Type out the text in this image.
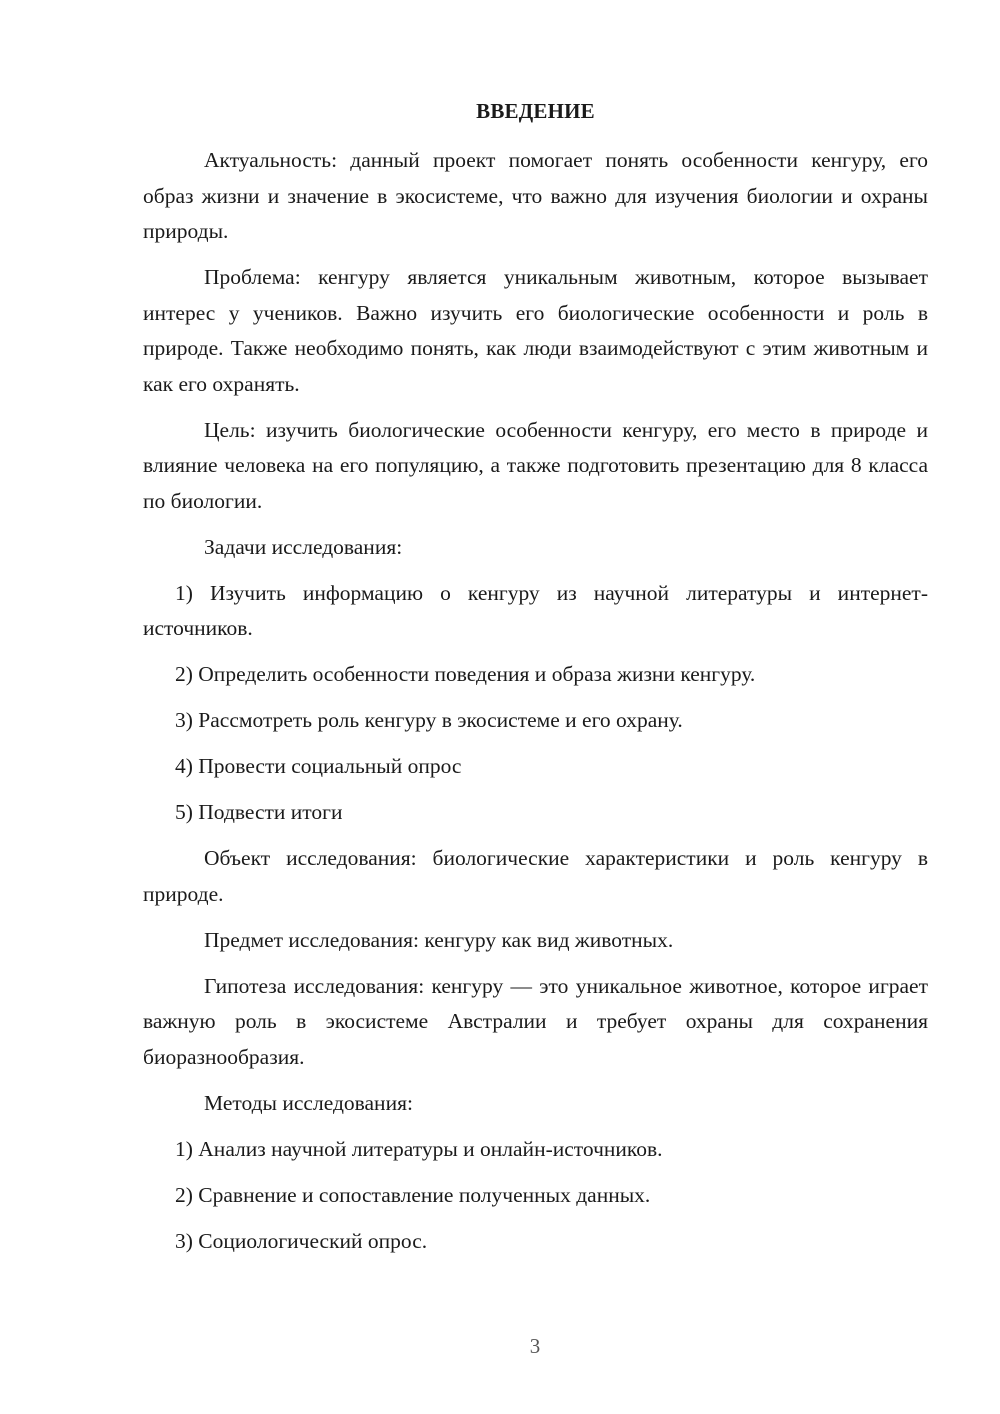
ВВЕДЕНИЕ

Актуальность: данный проект помогает понять особенности кенгуру, его образ жизни и значение в экосистеме, что важно для изучения биологии и охраны природы.

Проблема: кенгуру является уникальным животным, которое вызывает интерес у учеников. Важно изучить его биологические особенности и роль в природе. Также необходимо понять, как люди взаимодействуют с этим животным и как его охранять.

Цель: изучить биологические особенности кенгуру, его место в природе и влияние человека на его популяцию, а также подготовить презентацию для 8 класса по биологии.

Задачи исследования:

1) Изучить информацию о кенгуру из научной литературы и интернет-источников.

2) Определить особенности поведения и образа жизни кенгуру.

3) Рассмотреть роль кенгуру в экосистеме и его охрану.

4) Провести социальный опрос

5) Подвести итоги

Объект исследования: биологические характеристики и роль кенгуру в природе.

Предмет исследования: кенгуру как вид животных.

Гипотеза исследования: кенгуру — это уникальное животное, которое играет важную роль в экосистеме Австралии и требует охраны для сохранения биоразнообразия.

Методы исследования:

1) Анализ научной литературы и онлайн-источников.

2) Сравнение и сопоставление полученных данных.

3) Социологический опрос.

3
